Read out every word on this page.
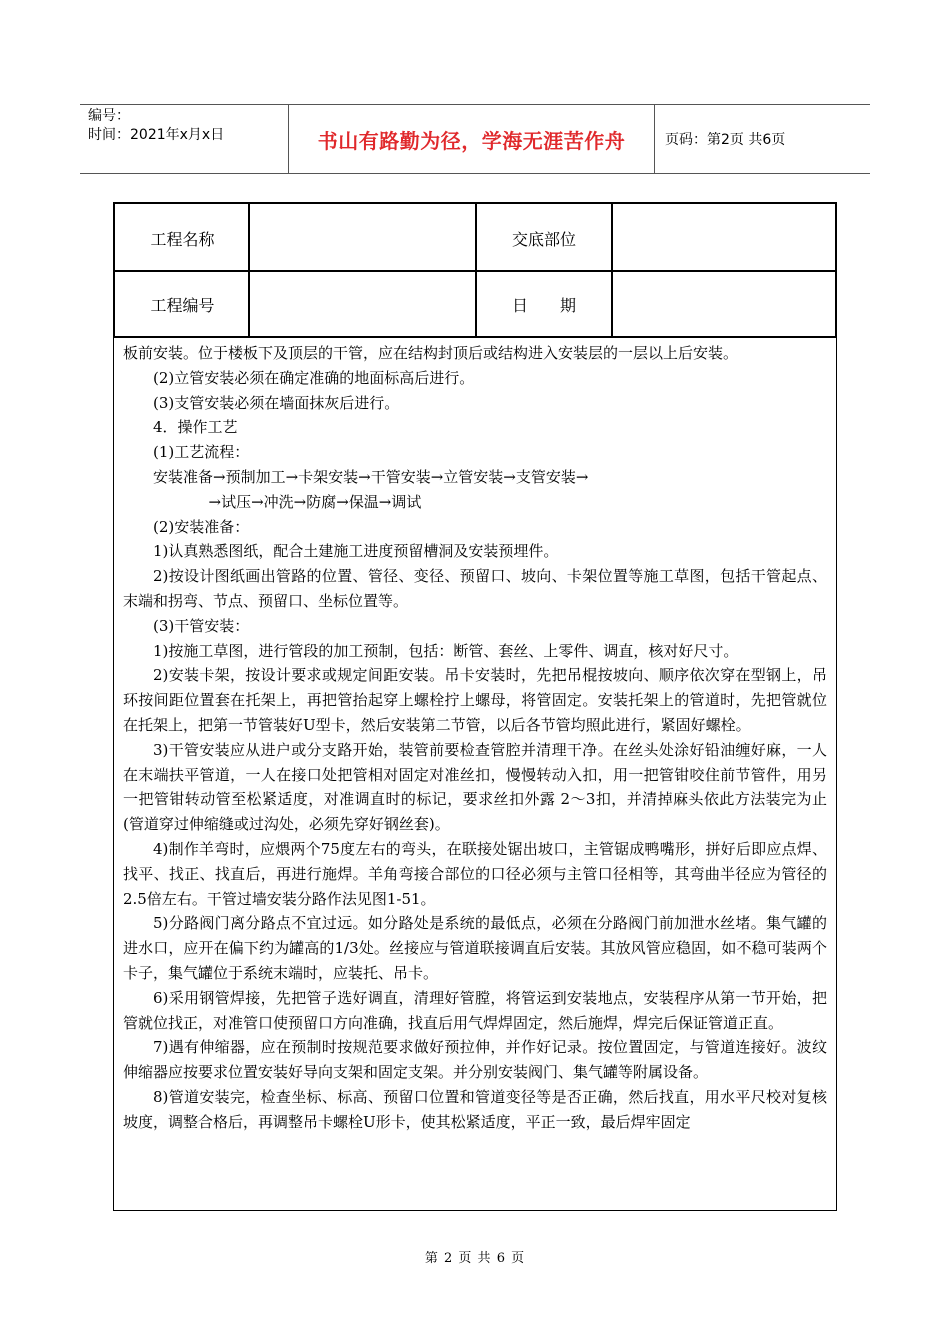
编号：
时间：2021年x月x日	书山有路勤为径，学海无涯苦作舟	页码：第2页 共6页
工程名称	交底部位
工程编号	日　　期

板前安装。位于楼板下及顶层的干管，应在结构封顶后或结构进入安装层的一层以上后安装。

(2)立管安装必须在确定准确的地面标高后进行。

(3)支管安装必须在墙面抹灰后进行。

4．操作工艺

(1)工艺流程：

安装准备→预制加工→卡架安装→干管安装→立管安装→支管安装→

→试压→冲洗→防腐→保温→调试

(2)安装准备：

1)认真熟悉图纸，配合土建施工进度预留槽洞及安装预埋件。

2)按设计图纸画出管路的位置、管径、变径、预留口、坡向、卡架位置等施工草图，包括干管起点、末端和拐弯、节点、预留口、坐标位置等。

(3)干管安装：

1)按施工草图，进行管段的加工预制，包括：断管、套丝、上零件、调直，核对好尺寸。

2)安装卡架，按设计要求或规定间距安装。吊卡安装时，先把吊棍按坡向、顺序依次穿在型钢上，吊环按间距位置套在托架上，再把管抬起穿上螺栓拧上螺母，将管固定。安装托架上的管道时，先把管就位在托架上，把第一节管装好U型卡，然后安装第二节管，以后各节管均照此进行，紧固好螺栓。

3)干管安装应从进户或分支路开始，装管前要检查管腔并清理干净。在丝头处涂好铅油缠好麻，一人在末端扶平管道，一人在接口处把管相对固定对准丝扣，慢慢转动入扣，用一把管钳咬住前节管件，用另一把管钳转动管至松紧适度，对准调直时的标记，要求丝扣外露 2～3扣，并清掉麻头依此方法装完为止(管道穿过伸缩缝或过沟处，必须先穿好钢丝套)。

4)制作羊弯时，应煨两个75度左右的弯头，在联接处锯出坡口，主管锯成鸭嘴形，拼好后即应点焊、找平、找正、找直后，再进行施焊。羊角弯接合部位的口径必须与主管口径相等，其弯曲半径应为管径的2.5倍左右。干管过墙安装分路作法见图1-51。

5)分路阀门离分路点不宜过远。如分路处是系统的最低点，必须在分路阀门前加泄水丝堵。集气罐的进水口，应开在偏下约为罐高的1/3处。丝接应与管道联接调直后安装。其放风管应稳固，如不稳可装两个卡子，集气罐位于系统末端时，应装托、吊卡。

6)采用钢管焊接，先把管子选好调直，清理好管膛，将管运到安装地点，安装程序从第一节开始，把管就位找正，对准管口使预留口方向准确，找直后用气焊焊固定，然后施焊，焊完后保证管道正直。

7)遇有伸缩器，应在预制时按规范要求做好预拉伸，并作好记录。按位置固定，与管道连接好。波纹伸缩器应按要求位置安装好导向支架和固定支架。并分别安装阀门、集气罐等附属设备。

8)管道安装完，检查坐标、标高、预留口位置和管道变径等是否正确，然后找直，用水平尺校对复核坡度，调整合格后，再调整吊卡螺栓U形卡，使其松紧适度，平正一致，最后焊牢固定

第 2 页 共 6 页
